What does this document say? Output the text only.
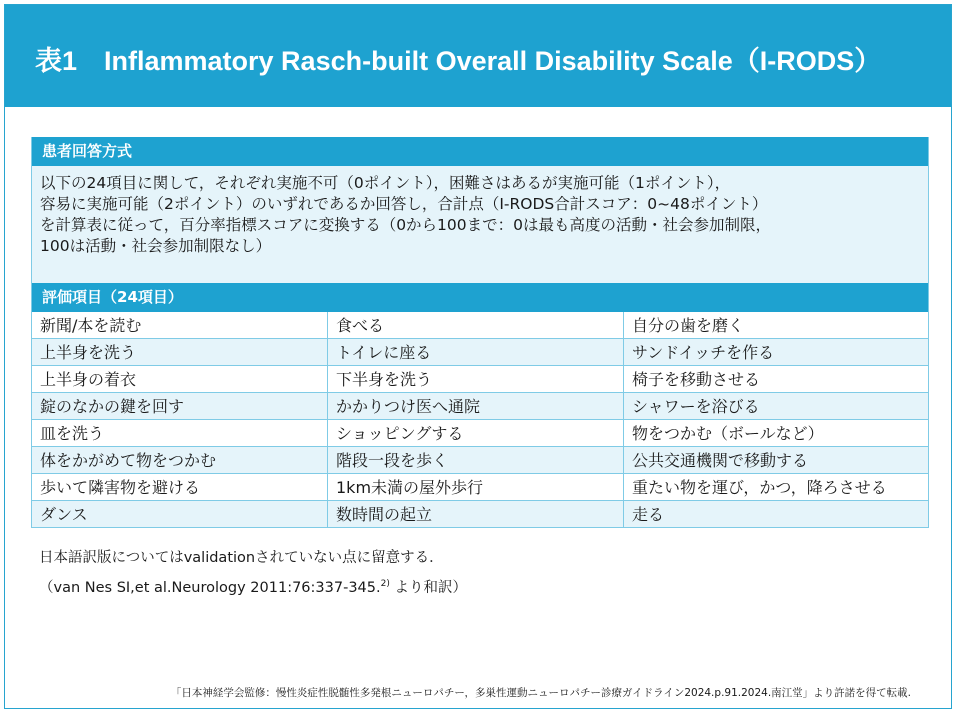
表1　Inflammatory Rasch-built Overall Disability Scale（I-RODS）
患者回答方式
以下の24項目に関して，それぞれ実施不可（0ポイント），困難さはあるが実施可能（1ポイント），
容易に実施可能（2ポイント）のいずれであるか回答し，合計点（I-RODS合計スコア：0~48ポイント）
を計算表に従って，百分率指標スコアに変換する（0から100まで：0は最も高度の活動・社会参加制限，
100は活動・社会参加制限なし）
評価項目（24項目）
新聞/本を読む	食べる	自分の歯を磨く
上半身を洗う	トイレに座る	サンドイッチを作る
上半身の着衣	下半身を洗う	椅子を移動させる
錠のなかの鍵を回す	かかりつけ医へ通院	シャワーを浴びる
皿を洗う	ショッピングする	物をつかむ（ボールなど）
体をかがめて物をつかむ	階段一段を歩く	公共交通機関で移動する
歩いて隣害物を避ける	1km未満の屋外歩行	重たい物を運び，かつ，降ろさせる
ダンス	数時間の起立	走る
日本語訳版についてはvalidationされていない点に留意する．
（van Nes SI,et al.Neurology 2011:76:337-345.$^{2)}$ より和訳）
「日本神経学会監修：慢性炎症性脱髄性多発根ニューロパチー，多巣性運動ニューロパチー診療ガイドライン2024.p.91.2024.南江堂」より許諾を得て転載.
